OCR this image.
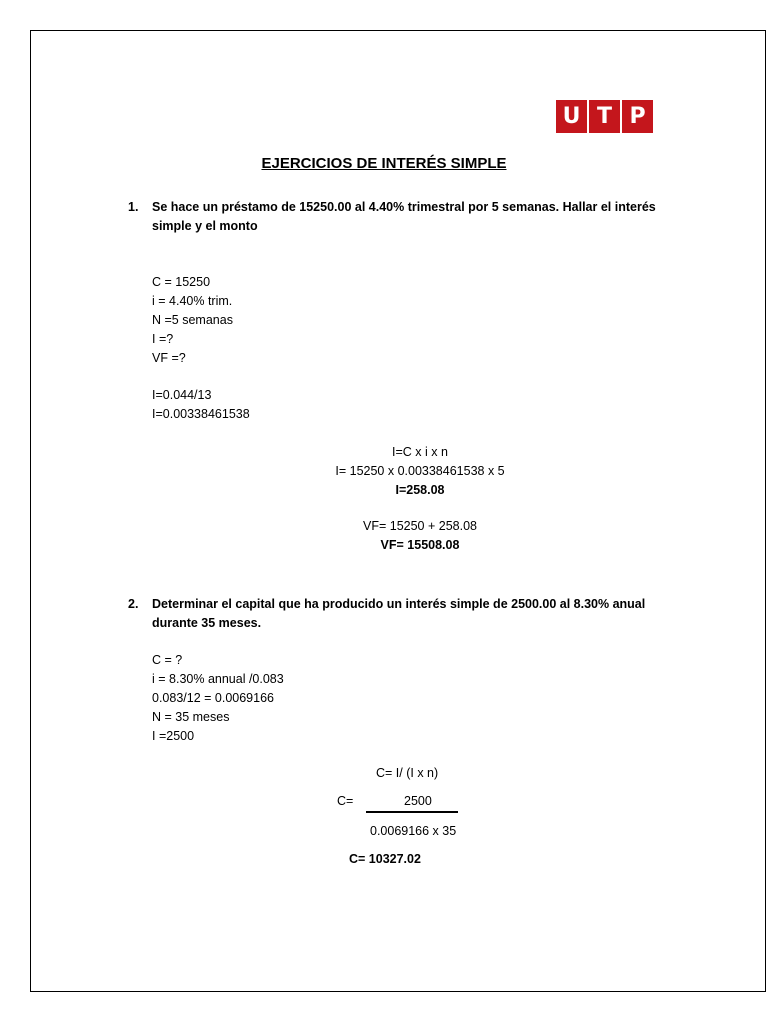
U T P
EJERCICIOS DE INTERÉS SIMPLE
1.	Se hace un préstamo de 15250.00 al 4.40% trimestral por 5 semanas. Hallar el interés simple y el monto
C = 15250
i = 4.40% trim.
N =5 semanas
I =?
VF =?
I=0.044/13
I=0.00338461538
I=C x i x n
I= 15250 x 0.00338461538 x 5
I=258.08
VF= 15250 + 258.08
VF= 15508.08
2.	Determinar el capital que ha producido un interés simple de 2500.00 al 8.30% anual durante 35 meses.
C = ?
i = 8.30% annual /0.083
0.083/12 = 0.0069166
N = 35 meses
I =2500
C= I/ (I x n)
C=	2500
0.0069166 x 35
C= 10327.02
